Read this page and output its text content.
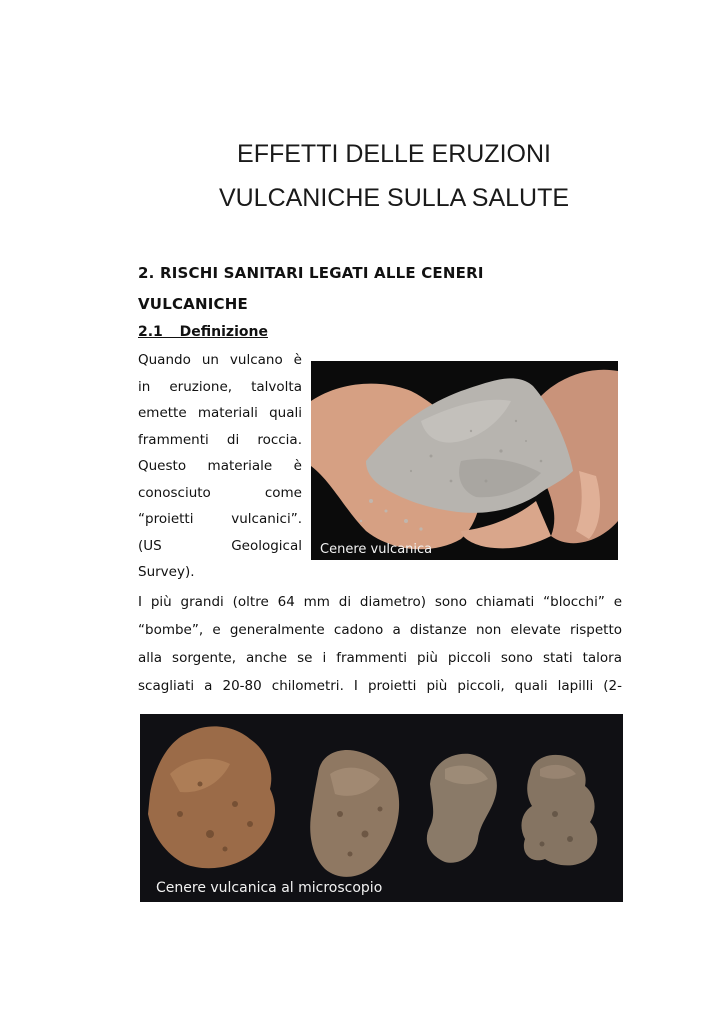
EFFETTI DELLE ERUZIONI
VULCANICHE SULLA SALUTE
2. RISCHI SANITARI LEGATI ALLE CENERI
VULCANICHE
2.1 Definizione
Quando un vulcano è
in eruzione, talvolta
emette materiali quali
frammenti di roccia.
Questo materiale è
conosciuto come
“proietti vulcanici”.
(US Geological
Survey).
Cenere vulcanica
I più grandi (oltre 64 mm di diametro) sono chiamati “blocchi” e
“bombe”, e generalmente cadono a distanze non elevate rispetto
alla sorgente, anche se i frammenti più piccoli sono stati talora
scagliati a 20-80 chilometri. I proietti più piccoli, quali lapilli (2-
Cenere vulcanica al microscopio
